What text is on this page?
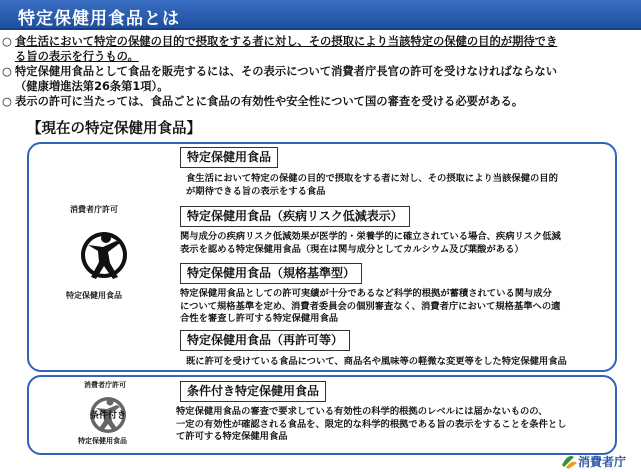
特定保健用食品とは
○ 食生活において特定の保健の目的で摂取をする者に対し、その摂取により当該特定の保健の目的が期待でき
る旨の表示を行うもの。
○ 特定保健用食品として食品を販売するには、その表示について消費者庁長官の許可を受けなければならない
（健康増進法第26条第1項）。
○ 表示の許可に当たっては、食品ごとに食品の有効性や安全性について国の審査を受ける必要がある。
【現在の特定保健用食品】
消費者庁許可
特定保健用食品
消費者庁許可
条件付き
特定保健用食品
特定保健用食品
食生活において特定の保健の目的で摂取をする者に対し、その摂取により当該保健の目的
が期待できる旨の表示をする食品
特定保健用食品（疾病リスク低減表示）
関与成分の疾病リスク低減効果が医学的・栄養学的に確立されている場合、疾病リスク低減
表示を認める特定保健用食品（現在は関与成分としてカルシウム及び葉酸がある）
特定保健用食品（規格基準型）
特定保健用食品としての許可実績が十分であるなど科学的根拠が蓄積されている関与成分
について規格基準を定め、消費者委員会の個別審査なく、消費者庁において規格基準への適
合性を審査し許可する特定保健用食品
特定保健用食品（再許可等）
既に許可を受けている食品について、商品名や風味等の軽微な変更等をした特定保健用食品
条件付き特定保健用食品
特定保健用食品の審査で要求している有効性の科学的根拠のレベルには届かないものの、
一定の有効性が確認される食品を、限定的な科学的根拠である旨の表示をすることを条件とし
て許可する特定保健用食品
消費者庁
